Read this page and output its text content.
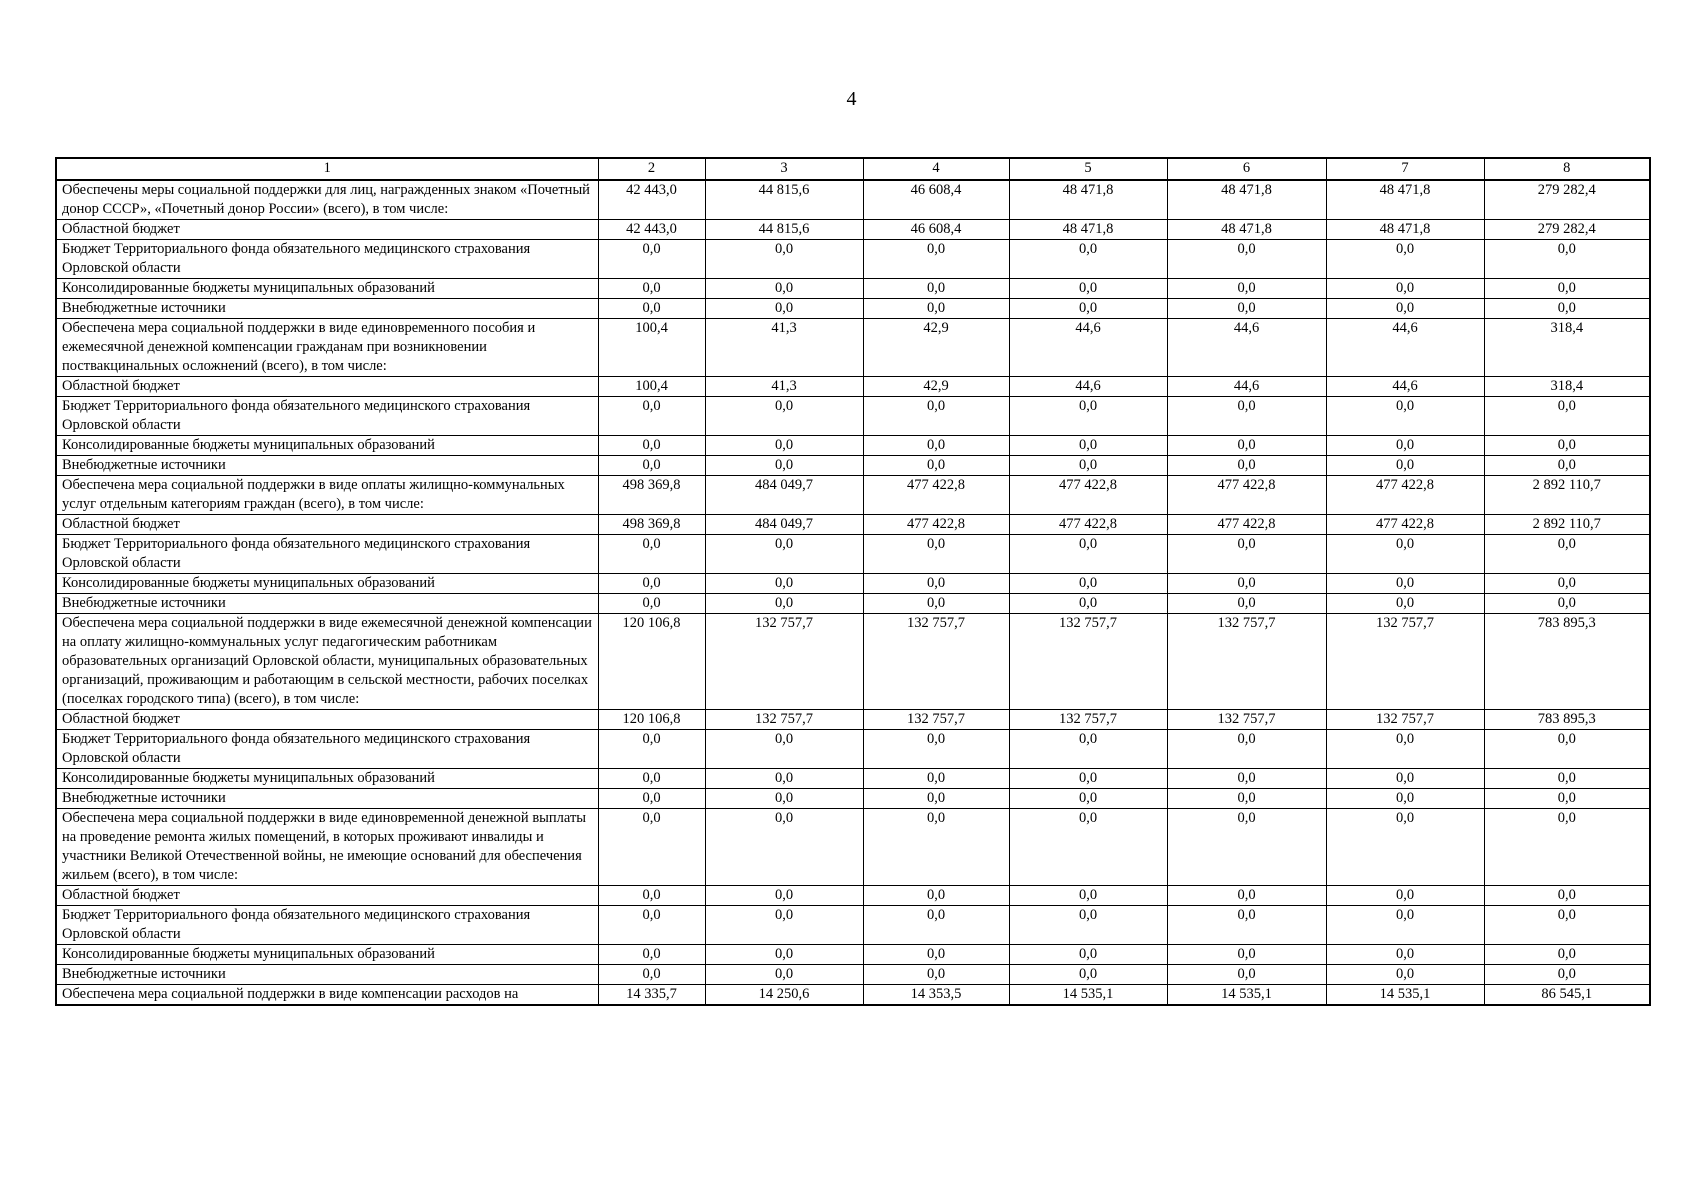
4
1	2	3	4	5	6	7	8
Обеспечены меры социальной поддержки для лиц, награжденных знаком «Почетный донор СССР», «Почетный донор России» (всего), в том числе:	42 443,0	44 815,6	46 608,4	48 471,8	48 471,8	48 471,8	279 282,4
Областной бюджет	42 443,0	44 815,6	46 608,4	48 471,8	48 471,8	48 471,8	279 282,4
Бюджет Территориального фонда обязательного медицинского страхования Орловской области	0,0	0,0	0,0	0,0	0,0	0,0	0,0
Консолидированные бюджеты муниципальных образований	0,0	0,0	0,0	0,0	0,0	0,0	0,0
Внебюджетные источники	0,0	0,0	0,0	0,0	0,0	0,0	0,0
Обеспечена мера социальной поддержки в виде единовременного пособия и ежемесячной денежной компенсации гражданам при возникновении поствакцинальных осложнений (всего), в том числе:	100,4	41,3	42,9	44,6	44,6	44,6	318,4
Областной бюджет	100,4	41,3	42,9	44,6	44,6	44,6	318,4
Бюджет Территориального фонда обязательного медицинского страхования Орловской области	0,0	0,0	0,0	0,0	0,0	0,0	0,0
Консолидированные бюджеты муниципальных образований	0,0	0,0	0,0	0,0	0,0	0,0	0,0
Внебюджетные источники	0,0	0,0	0,0	0,0	0,0	0,0	0,0
Обеспечена мера социальной поддержки в виде оплаты жилищно-коммунальных услуг отдельным категориям граждан (всего), в том числе:	498 369,8	484 049,7	477 422,8	477 422,8	477 422,8	477 422,8	2 892 110,7
Областной бюджет	498 369,8	484 049,7	477 422,8	477 422,8	477 422,8	477 422,8	2 892 110,7
Бюджет Территориального фонда обязательного медицинского страхования Орловской области	0,0	0,0	0,0	0,0	0,0	0,0	0,0
Консолидированные бюджеты муниципальных образований	0,0	0,0	0,0	0,0	0,0	0,0	0,0
Внебюджетные источники	0,0	0,0	0,0	0,0	0,0	0,0	0,0
Обеспечена мера социальной поддержки в виде ежемесячной денежной компенсации на оплату жилищно-коммунальных услуг педагогическим работникам образовательных организаций Орловской области, муниципальных образовательных организаций, проживающим и работающим в сельской местности, рабочих поселках (поселках городского типа) (всего), в том числе:	120 106,8	132 757,7	132 757,7	132 757,7	132 757,7	132 757,7	783 895,3
Областной бюджет	120 106,8	132 757,7	132 757,7	132 757,7	132 757,7	132 757,7	783 895,3
Бюджет Территориального фонда обязательного медицинского страхования Орловской области	0,0	0,0	0,0	0,0	0,0	0,0	0,0
Консолидированные бюджеты муниципальных образований	0,0	0,0	0,0	0,0	0,0	0,0	0,0
Внебюджетные источники	0,0	0,0	0,0	0,0	0,0	0,0	0,0
Обеспечена мера социальной поддержки в виде единовременной денежной выплаты на проведение ремонта жилых помещений, в которых проживают инвалиды и участники Великой Отечественной войны, не имеющие оснований для обеспечения жильем (всего), в том числе:	0,0	0,0	0,0	0,0	0,0	0,0	0,0
Областной бюджет	0,0	0,0	0,0	0,0	0,0	0,0	0,0
Бюджет Территориального фонда обязательного медицинского страхования Орловской области	0,0	0,0	0,0	0,0	0,0	0,0	0,0
Консолидированные бюджеты муниципальных образований	0,0	0,0	0,0	0,0	0,0	0,0	0,0
Внебюджетные источники	0,0	0,0	0,0	0,0	0,0	0,0	0,0
Обеспечена мера социальной поддержки в виде компенсации расходов на	14 335,7	14 250,6	14 353,5	14 535,1	14 535,1	14 535,1	86 545,1
